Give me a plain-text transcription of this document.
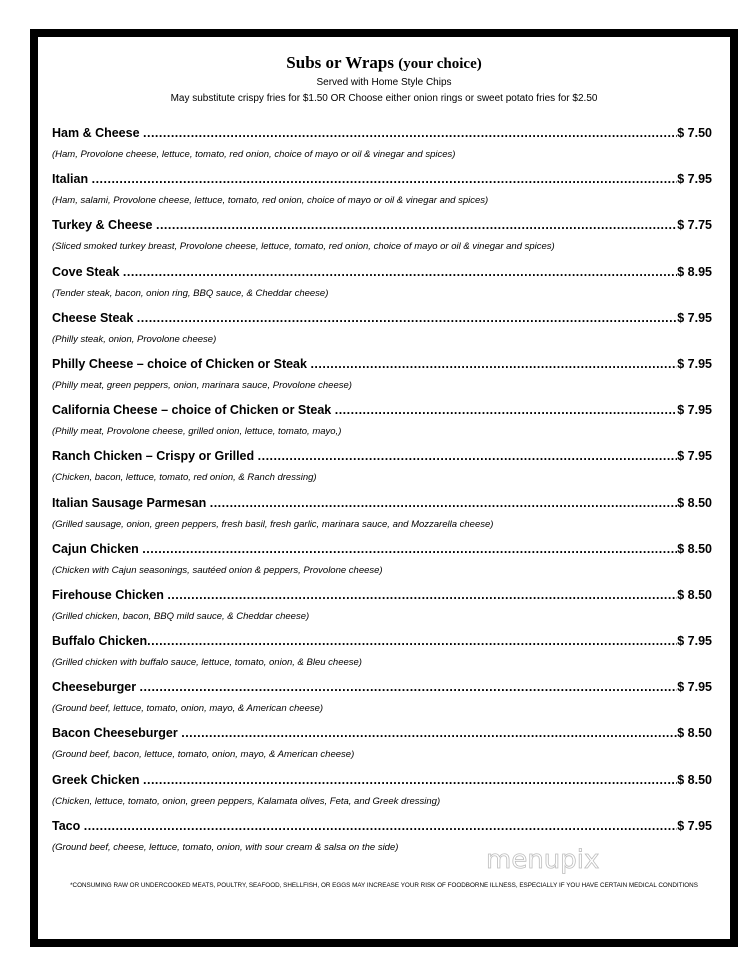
Subs or Wraps (your choice)
Served with Home Style Chips
May substitute crispy fries for $1.50 OR Choose either onion rings or sweet potato fries for $2.50
Ham & Cheese .....	$ 7.50
(Ham, Provolone cheese, lettuce, tomato, red onion, choice of mayo or oil & vinegar and spices)
Italian .....	$ 7.95
(Ham, salami, Provolone cheese, lettuce, tomato, red onion, choice of mayo or oil & vinegar and spices)
Turkey & Cheese .....	$ 7.75
(Sliced smoked turkey breast, Provolone cheese, lettuce, tomato, red onion, choice of mayo or oil & vinegar and spices)
Cove Steak .....	$ 8.95
(Tender steak, bacon, onion ring, BBQ sauce, & Cheddar cheese)
Cheese Steak .....	$ 7.95
(Philly steak, onion, Provolone cheese)
Philly Cheese – choice of Chicken or Steak .....	$ 7.95
(Philly meat, green peppers, onion, marinara sauce, Provolone cheese)
California Cheese – choice of Chicken or Steak .....	$ 7.95
(Philly meat, Provolone cheese, grilled onion, lettuce, tomato, mayo,)
Ranch Chicken – Crispy or Grilled .....	$ 7.95
(Chicken, bacon, lettuce, tomato, red onion, & Ranch dressing)
Italian Sausage Parmesan .....	$ 8.50
(Grilled sausage, onion, green peppers, fresh basil, fresh garlic, marinara sauce, and Mozzarella cheese)
Cajun Chicken .....	$ 8.50
(Chicken with Cajun seasonings, sautéed onion & peppers, Provolone cheese)
Firehouse Chicken .....	$ 8.50
(Grilled chicken, bacon, BBQ mild sauce, & Cheddar cheese)
Buffalo Chicken .....	$ 7.95
(Grilled chicken with buffalo sauce, lettuce, tomato, onion, & Bleu cheese)
Cheeseburger .....	$ 7.95
(Ground beef, lettuce, tomato, onion, mayo, & American cheese)
Bacon Cheeseburger .....	$ 8.50
(Ground beef, bacon, lettuce, tomato, onion, mayo, & American cheese)
Greek Chicken .....	$ 8.50
(Chicken, lettuce, tomato, onion, green peppers, Kalamata olives, Feta, and Greek dressing)
Taco .....	$ 7.95
(Ground beef, cheese, lettuce, tomato, onion, with sour cream & salsa on the side)
*CONSUMING RAW OR UNDERCOOKED MEATS, POULTRY, SEAFOOD, SHELLFISH, OR EGGS MAY INCREASE YOUR RISK OF FOODBORNE ILLNESS, ESPECIALLY IF YOU HAVE CERTAIN MEDICAL CONDITIONS
menupix
